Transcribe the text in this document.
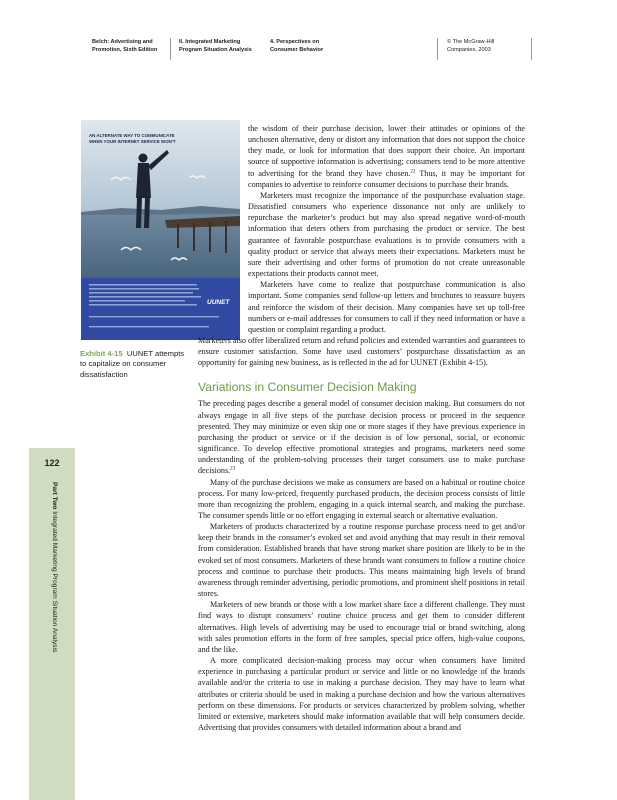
Belch: Advertising and
Promotion, Sixth Edition
II. Integrated Marketing
Program Situation Analysis
4. Perspectives on
Consumer Behavior
© The McGraw-Hill
Companies, 2003
122
Part Two Integrated Marketing Program Situation Analysis
AN ALTERNATE WAY TO COMMUNICATE
WHEN YOUR INTERNET SERVICE WON'T
UUNET
Exhibit 4-15 UUNET attempts to capitalize on consumer dissatisfaction

the wisdom of their purchase decision, lower their attitudes or opinions of the unchosen alternative, deny or distort any information that does not support the choice they made, or look for information that does support their choice. An important source of supportive information is advertising; consumers tend to be more attentive to advertising for the brand they have chosen.$^{22}$ Thus, it may be important for companies to advertise to reinforce consumer decisions to purchase their brands.

Marketers must recognize the importance of the postpurchase evaluation stage. Dissatisfied consumers who experience dissonance not only are unlikely to repurchase the marketer’s product but may also spread negative word-of-mouth information that deters others from purchasing the product or service. The best guarantee of favorable postpurchase evaluations is to provide consumers with a quality product or service that always meets their expectations. Marketers must be sure their advertising and other forms of promotion do not create unreasonable expectations their products cannot meet.

Marketers have come to realize that postpurchase communication is also important. Some companies send follow-up letters and brochures to reassure buyers and reinforce the wisdom of their decision. Many companies have set up toll-free numbers or e-mail addresses for consumers to call if they need information or have a question or complaint regarding a product.

Marketers also offer liberalized return and refund policies and extended warranties and guarantees to ensure customer satisfaction. Some have used customers’ postpurchase dissatisfaction as an opportunity for gaining new business, as is reflected in the ad for UUNET (Exhibit 4-15).

Variations in Consumer Decision Making

The preceding pages describe a general model of consumer decision making. But consumers do not always engage in all five steps of the purchase decision process or proceed in the sequence presented. They may minimize or even skip one or more stages if they have previous experience in purchasing the product or service or if the decision is of low personal, social, or economic significance. To develop effective promotional strategies and programs, marketers need some understanding of the problem-solving processes their target consumers use to make purchase decisions.$^{23}$

Many of the purchase decisions we make as consumers are based on a habitual or routine choice process. For many low-priced, frequently purchased products, the decision process consists of little more than recognizing the problem, engaging in a quick internal search, and making the purchase. The consumer spends little or no effort engaging in external search or alternative evaluation.

Marketers of products characterized by a routine response purchase process need to get and/or keep their brands in the consumer’s evoked set and avoid anything that may result in their removal from consideration. Established brands that have strong market share position are likely to be in the evoked set of most consumers. Marketers of these brands want consumers to follow a routine choice process and continue to purchase their products. This means maintaining high levels of brand awareness through reminder advertising, periodic promotions, and prominent shelf positions in retail stores.

Marketers of new brands or those with a low market share face a different challenge. They must find ways to disrupt consumers’ routine choice process and get them to consider different alternatives. High levels of advertising may be used to encourage trial or brand switching, along with sales promotion efforts in the form of free samples, special price offers, high-value coupons, and the like.

A more complicated decision-making process may occur when consumers have limited experience in purchasing a particular product or service and little or no knowledge of the brands available and/or the criteria to use in making a purchase decision. They may have to learn what attributes or criteria should be used in making a purchase decision and how the various alternatives perform on these dimensions. For products or services characterized by problem solving, whether limited or extensive, marketers should make information available that will help consumers decide. Advertising that provides consumers with detailed information about a brand and
